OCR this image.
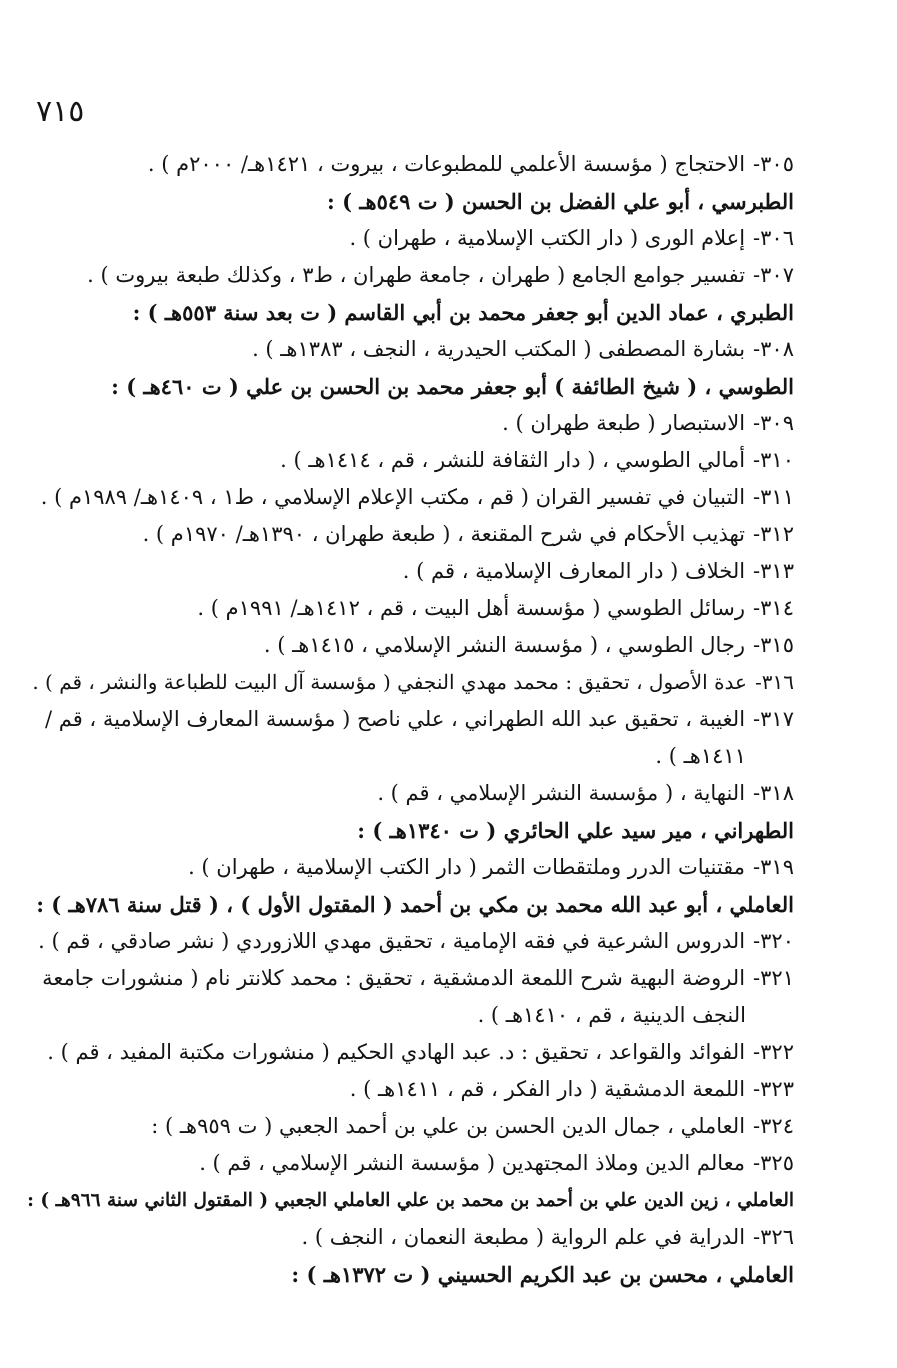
٧١٥
٣٠٥-
الاحتجاج ( مؤسسة الأعلمي للمطبوعات ، بيروت ، ١٤٢١هـ/ ٢٠٠٠م ) .
الطبرسي ، أبو علي الفضل بن الحسن ( ت ٥٤٩هـ ) :
٣٠٦-
إعلام الورى ( دار الكتب الإسلامية ، طهران ) .
٣٠٧-
تفسير جوامع الجامع ( طهران ، جامعة طهران ، ط٣ ، وكذلك طبعة بيروت ) .
الطبري ، عماد الدين أبو جعفر محمد بن أبي القاسم ( ت بعد سنة ٥٥٣هـ ) :
٣٠٨-
بشارة المصطفى ( المكتب الحيدرية ، النجف ، ١٣٨٣هـ ) .
الطوسي ، ( شيخ الطائفة ) أبو جعفر محمد بن الحسن بن علي ( ت ٤٦٠هـ ) :
٣٠٩-
الاستبصار ( طبعة طهران ) .
٣١٠-
أمالي الطوسي ، ( دار الثقافة للنشر ، قم ، ١٤١٤هـ ) .
٣١١-
التبيان في تفسير القران ( قم ، مكتب الإعلام الإسلامي ، ط١ ، ١٤٠٩هـ/ ١٩٨٩م ) .
٣١٢-
تهذيب الأحكام في شرح المقنعة ، ( طبعة طهران ، ١٣٩٠هـ/ ١٩٧٠م ) .
٣١٣-
الخلاف ( دار المعارف الإسلامية ، قم ) .
٣١٤-
رسائل الطوسي ( مؤسسة أهل البيت ، قم ، ١٤١٢هـ/ ١٩٩١م ) .
٣١٥-
رجال الطوسي ، ( مؤسسة النشر الإسلامي ، ١٤١٥هـ ) .
٣١٦-
عدة الأصول ، تحقيق : محمد مهدي النجفي ( مؤسسة آل البيت للطباعة والنشر ، قم ) .
٣١٧-
الغيبة ، تحقيق عبد الله الطهراني ، علي ناصح ( مؤسسة المعارف الإسلامية ، قم /
١٤١١هـ ) .
٣١٨-
النهاية ، ( مؤسسة النشر الإسلامي ، قم ) .
الطهراني ، مير سيد علي الحائري ( ت ١٣٤٠هـ ) :
٣١٩-
مقتنيات الدرر وملتقطات الثمر ( دار الكتب الإسلامية ، طهران ) .
العاملي ، أبو عبد الله محمد بن مكي بن أحمد ( المقتول الأول ) ، ( قتل سنة ٧٨٦هـ ) :
٣٢٠-
الدروس الشرعية في فقه الإمامية ، تحقيق مهدي اللازوردي ( نشر صادقي ، قم ) .
٣٢١-
الروضة البهية شرح اللمعة الدمشقية ، تحقيق : محمد كلانتر نام ( منشورات جامعة
النجف الدينية ، قم ، ١٤١٠هـ ) .
٣٢٢-
الفوائد والقواعد ، تحقيق : د. عبد الهادي الحكيم ( منشورات مكتبة المفيد ، قم ) .
٣٢٣-
اللمعة الدمشقية ( دار الفكر ، قم ، ١٤١١هـ ) .
٣٢٤-
العاملي ، جمال الدين الحسن بن علي بن أحمد الجعبي ( ت ٩٥٩هـ ) :
٣٢٥-
معالم الدين وملاذ المجتهدين ( مؤسسة النشر الإسلامي ، قم ) .
العاملي ، زين الدين علي بن أحمد بن محمد بن علي العاملي الجعبي ( المقتول الثاني سنة ٩٦٦هـ ) :
٣٢٦-
الدراية في علم الرواية ( مطبعة النعمان ، النجف ) .
العاملي ، محسن بن عبد الكريم الحسيني ( ت ١٣٧٢هـ ) :
